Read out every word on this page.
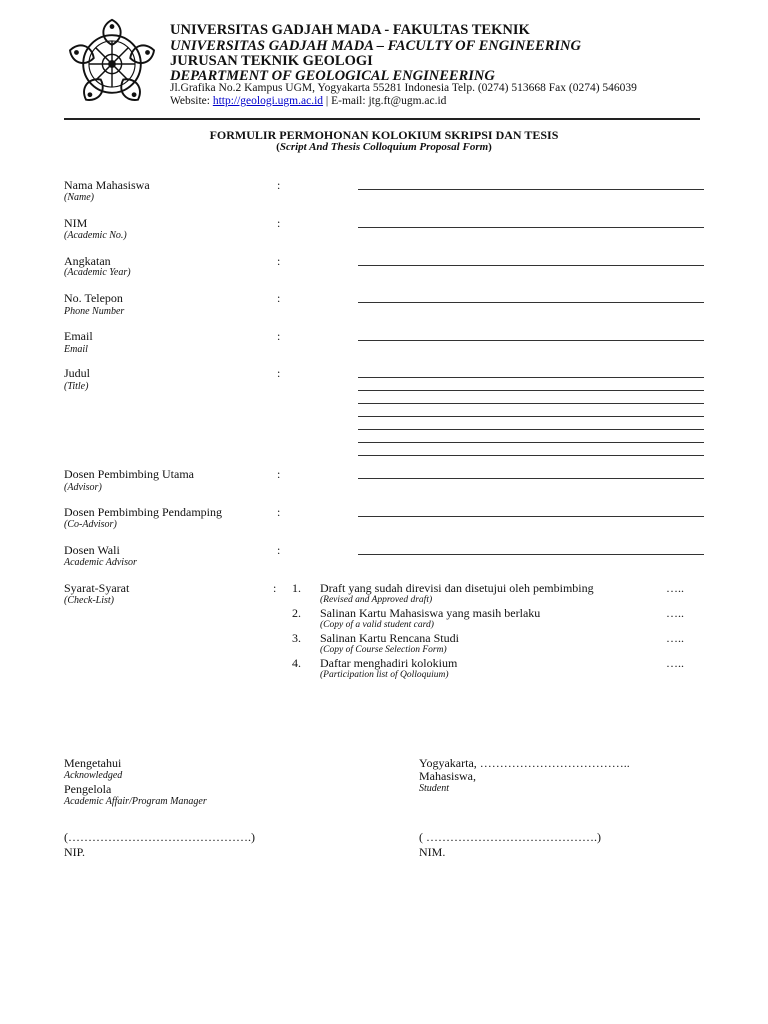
UNIVERSITAS GADJAH MADA - FAKULTAS TEKNIK
UNIVERSITAS GADJAH MADA – FACULTY OF ENGINEERING
JURUSAN TEKNIK GEOLOGI
DEPARTMENT OF GEOLOGICAL ENGINEERING
Jl.Grafika No.2 Kampus UGM, Yogyakarta 55281 Indonesia Telp. (0274) 513668 Fax (0274) 546039
Website: http://geologi.ugm.ac.id | E-mail: jtg.ft@ugm.ac.id
FORMULIR PERMOHONAN KOLOKIUM SKRIPSI DAN TESIS
(Script And Thesis Colloquium Proposal Form)
Nama Mahasiswa
(Name)
:
NIM
(Academic No.)
:
Angkatan
(Academic Year)
:
No. Telepon
Phone Number
:
Email
Email
:
Judul
(Title)
:
Dosen Pembimbing Utama
(Advisor)
:
Dosen Pembimbing Pendamping
(Co-Advisor)
:
Dosen Wali
Academic Advisor
:
Syarat-Syarat
(Check-List)
: 1. Draft yang sudah direvisi dan disetujui oleh pembimbing
(Revised and Approved draft)
…..
2. Salinan Kartu Mahasiswa yang masih berlaku
(Copy of a valid student card)
…..
3. Salinan Kartu Rencana Studi
(Copy of Course Selection Form)
…..
4. Daftar menghadiri kolokium
(Participation list of Qolloquium)
…..
Mengetahui
Acknowledged
Pengelola
Academic Affair/Program Manager
(……………………………………….)
NIP.
Yogyakarta, ………………………………..
Mahasiswa,
Student
( …………………………………….)
NIM.
